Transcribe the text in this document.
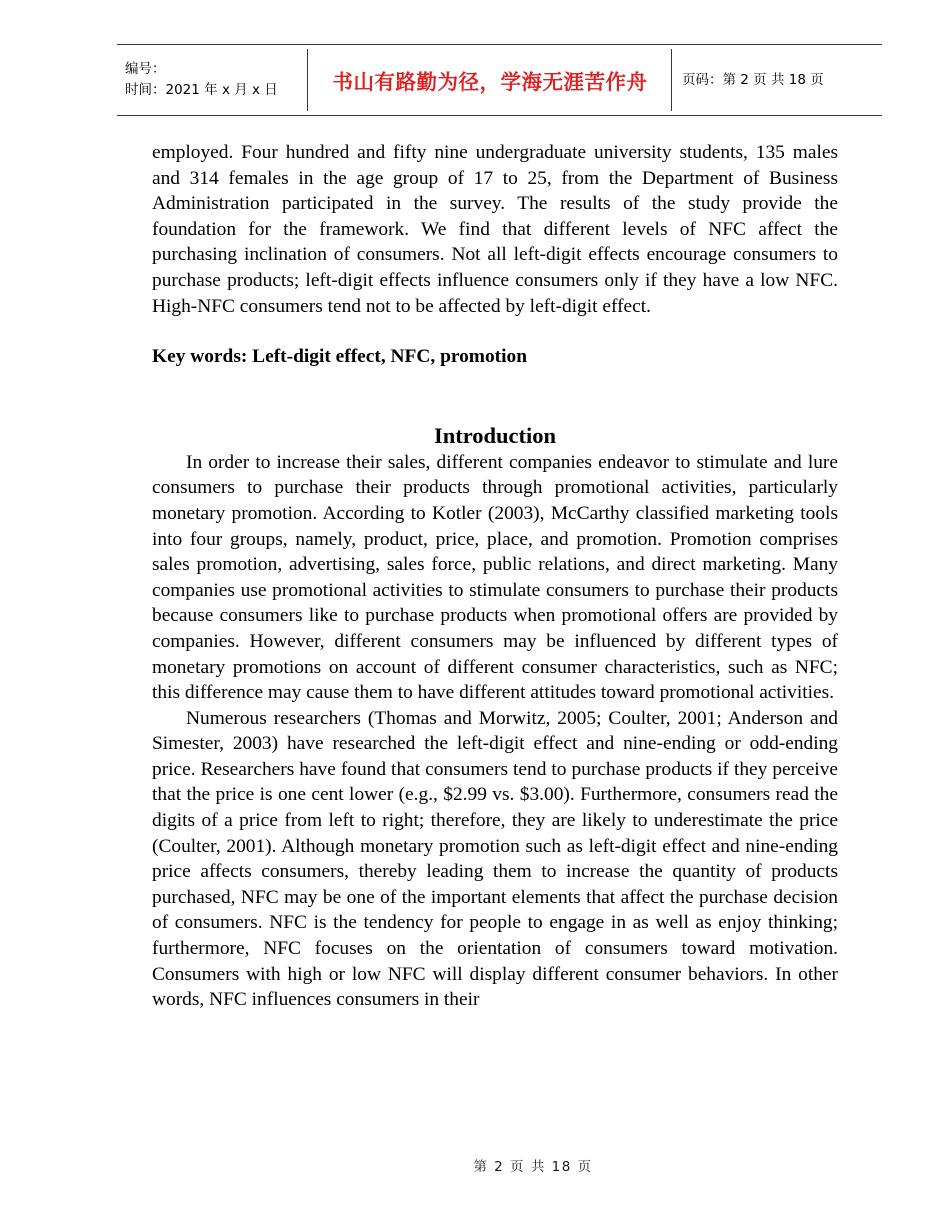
编号：
时间：2021 年 x 月 x 日	书山有路勤为径，学海无涯苦作舟	页码：第 2 页 共 18 页

employed. Four hundred and fifty nine undergraduate university students, 135 males and 314 females in the age group of 17 to 25, from the Department of Business Administration participated in the survey. The results of the study provide the foundation for the framework. We find that different levels of NFC affect the purchasing inclination of consumers. Not all left-digit effects encourage consumers to purchase products; left-digit effects influence consumers only if they have a low NFC. High-NFC consumers tend not to be affected by left-digit effect.

Key words: Left-digit effect, NFC, promotion

Introduction

In order to increase their sales, different companies endeavor to stimulate and lure consumers to purchase their products through promotional activities, particularly monetary promotion. According to Kotler (2003), McCarthy classified marketing tools into four groups, namely, product, price, place, and promotion. Promotion comprises sales promotion, advertising, sales force, public relations, and direct marketing. Many companies use promotional activities to stimulate consumers to purchase their products because consumers like to purchase products when promotional offers are provided by companies. However, different consumers may be influenced by different types of monetary promotions on account of different consumer characteristics, such as NFC; this difference may cause them to have different attitudes toward promotional activities.

Numerous researchers (Thomas and Morwitz, 2005; Coulter, 2001; Anderson and Simester, 2003) have researched the left-digit effect and nine-ending or odd-ending price. Researchers have found that consumers tend to purchase products if they perceive that the price is one cent lower (e.g., $2.99 vs. $3.00). Furthermore, consumers read the digits of a price from left to right; therefore, they are likely to underestimate the price (Coulter, 2001). Although monetary promotion such as left-digit effect and nine-ending price affects consumers, thereby leading them to increase the quantity of products purchased, NFC may be one of the important elements that affect the purchase decision of consumers. NFC is the tendency for people to engage in as well as enjoy thinking; furthermore, NFC focuses on the orientation of consumers toward motivation. Consumers with high or low NFC will display different consumer behaviors. In other words, NFC influences consumers in their

第 2 页 共 18 页
